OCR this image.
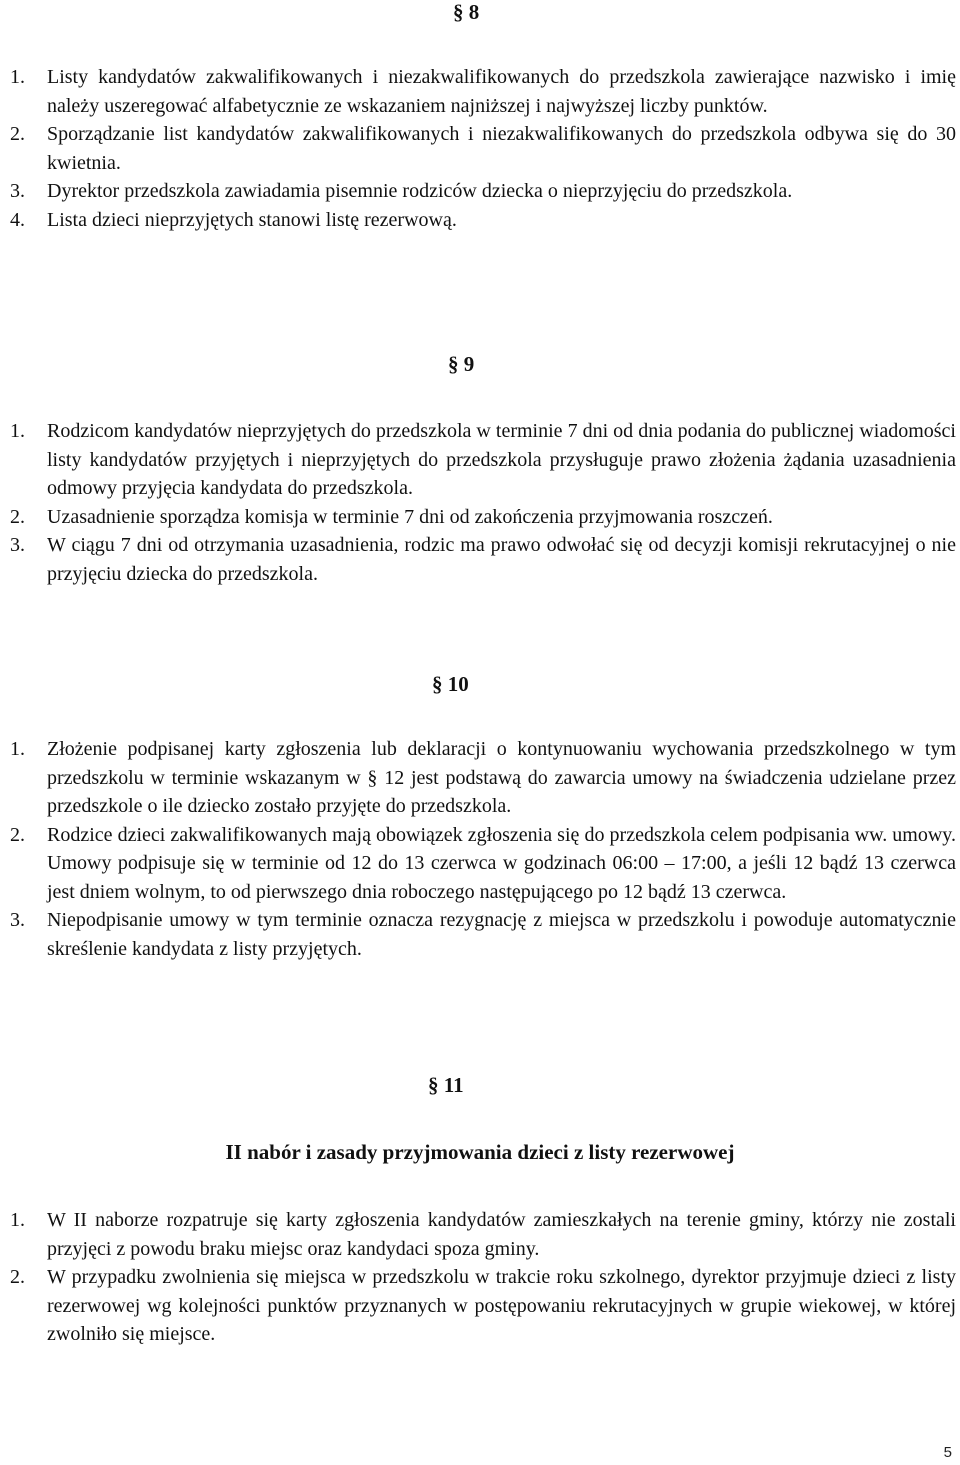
§ 8
1. Listy kandydatów zakwalifikowanych i niezakwalifikowanych do przedszkola zawierające nazwisko i imię należy uszeregować alfabetycznie ze wskazaniem najniższej i najwyższej liczby punktów.
2. Sporządzanie list kandydatów zakwalifikowanych i niezakwalifikowanych do przedszkola odbywa się do 30 kwietnia.
3. Dyrektor przedszkola zawiadamia pisemnie rodziców dziecka o nieprzyjęciu do przedszkola.
4. Lista dzieci nieprzyjętych stanowi listę rezerwową.
§ 9
1. Rodzicom kandydatów nieprzyjętych do przedszkola w terminie 7 dni od dnia podania do publicznej wiadomości listy kandydatów przyjętych i nieprzyjętych do przedszkola przysługuje prawo złożenia żądania uzasadnienia odmowy przyjęcia kandydata do przedszkola.
2. Uzasadnienie sporządza komisja w terminie 7 dni od zakończenia przyjmowania roszczeń.
3. W ciągu 7 dni od otrzymania uzasadnienia, rodzic ma prawo odwołać się od decyzji komisji rekrutacyjnej o nie przyjęciu dziecka do przedszkola.
§ 10
1. Złożenie podpisanej karty zgłoszenia lub deklaracji o kontynuowaniu wychowania przedszkolnego w tym przedszkolu w terminie wskazanym w § 12 jest podstawą do zawarcia umowy na świadczenia udzielane przez przedszkole o ile dziecko zostało przyjęte do przedszkola.
2. Rodzice dzieci zakwalifikowanych mają obowiązek zgłoszenia się do przedszkola celem podpisania ww. umowy. Umowy podpisuje się w terminie od 12 do 13 czerwca w godzinach 06:00 – 17:00, a jeśli 12 bądź 13 czerwca jest dniem wolnym, to od pierwszego dnia roboczego następującego po 12 bądź 13 czerwca.
3. Niepodpisanie umowy w tym terminie oznacza rezygnację z miejsca w przedszkolu i powoduje automatycznie skreślenie kandydata z listy przyjętych.
§ 11
II nabór i zasady przyjmowania dzieci z listy rezerwowej
1. W II naborze rozpatruje się karty zgłoszenia kandydatów zamieszkałych na terenie gminy, którzy nie zostali przyjęci z powodu braku miejsc oraz kandydaci spoza gminy.
2. W przypadku zwolnienia się miejsca w przedszkolu w trakcie roku szkolnego, dyrektor przyjmuje dzieci z listy rezerwowej wg kolejności punktów przyznanych w postępowaniu rekrutacyjnych w grupie wiekowej, w której zwolniło się miejsce.
5
